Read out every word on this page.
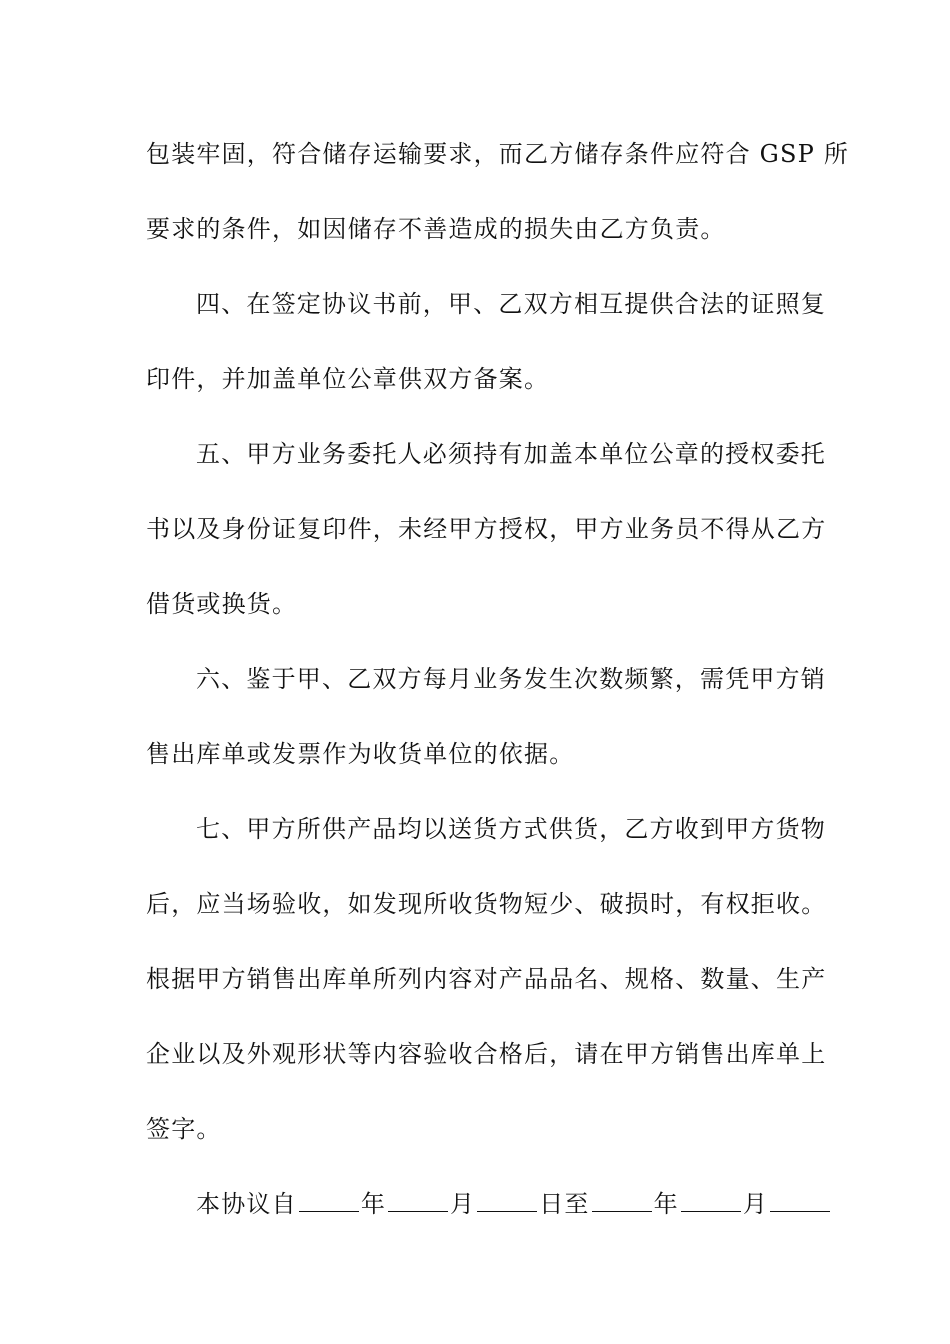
包装牢固，符合储存运输要求，而乙方储存条件应符合 GSP 所
要求的条件，如因储存不善造成的损失由乙方负责。
四、在签定协议书前，甲、乙双方相互提供合法的证照复
印件，并加盖单位公章供双方备案。
五、甲方业务委托人必须持有加盖本单位公章的授权委托
书以及身份证复印件，未经甲方授权，甲方业务员不得从乙方
借货或换货。
六、鉴于甲、乙双方每月业务发生次数频繁，需凭甲方销
售出库单或发票作为收货单位的依据。
七、甲方所供产品均以送货方式供货，乙方收到甲方货物
后，应当场验收，如发现所收货物短少、破损时，有权拒收。
根据甲方销售出库单所列内容对产品品名、规格、数量、生产
企业以及外观形状等内容验收合格后，请在甲方销售出库单上
签字。
本协议自	年	月	日至	年	月
